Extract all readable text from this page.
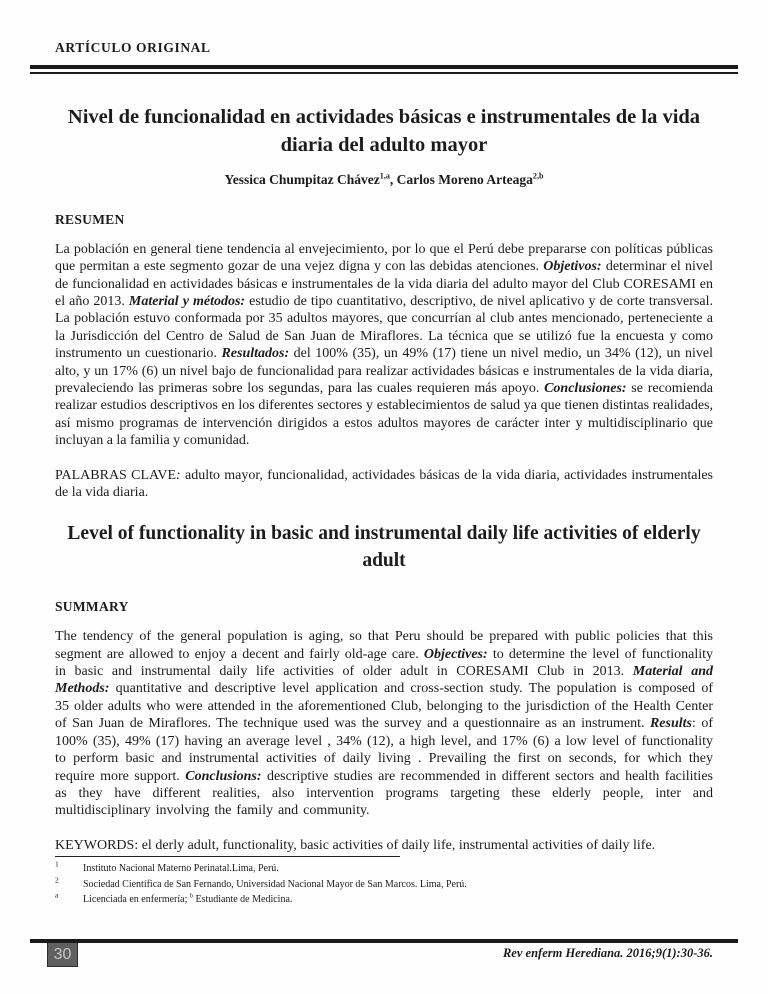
ARTÍCULO ORIGINAL
Nivel de funcionalidad en actividades básicas e instrumentales de la vida diaria del adulto mayor

Yessica Chumpitaz Chávez$^{1,a}$, Carlos Moreno Arteaga$^{2,b}$

RESUMEN

La población en general tiene tendencia al envejecimiento, por lo que el Perú debe prepararse con políticas públicas que permitan a este segmento gozar de una vejez digna y con las debidas atenciones. Objetivos: determinar el nivel de funcionalidad en actividades básicas e instrumentales de la vida diaria del adulto mayor del Club CORESAMI en el año 2013. Material y métodos: estudio de tipo cuantitativo, descriptivo, de nivel aplicativo y de corte transversal. La población estuvo conformada por 35 adultos mayores, que concurrían al club antes mencionado, perteneciente a la Jurisdicción del Centro de Salud de San Juan de Miraflores. La técnica que se utilizó fue la encuesta y como instrumento un cuestionario. Resultados: del 100% (35), un 49% (17) tiene un nivel medio, un 34% (12), un nivel alto, y un 17% (6) un nivel bajo de funcionalidad para realizar actividades básicas e instrumentales de la vida diaria, prevaleciendo las primeras sobre los segundas, para las cuales requieren más apoyo. Conclusiones: se recomienda realizar estudios descriptivos en los diferentes sectores y establecimientos de salud ya que tienen distintas realidades, así mismo programas de intervención dirigidos a estos adultos mayores de carácter inter y multidisciplinario que incluyan a la familia y comunidad.

PALABRAS CLAVE: adulto mayor, funcionalidad, actividades básicas de la vida diaria, actividades instrumentales de la vida diaria.

Level of functionality in basic and instrumental daily life activities of elderly adult
SUMMARY

The tendency of the general population is aging, so that Peru should be prepared with public policies that this segment are allowed to enjoy a decent and fairly old-age care. Objectives: to determine the level of functionality in basic and instrumental daily life activities of older adult in CORESAMI Club in 2013. Material and Methods: quantitative and descriptive level application and cross-section study. The population is composed of 35 older adults who were attended in the aforementioned Club, belonging to the jurisdiction of the Health Center of San Juan de Miraflores. The technique used was the survey and a questionnaire as an instrument. Results: of 100% (35), 49% (17) having an average level , 34% (12), a high level, and 17% (6) a low level of functionality to perform basic and instrumental activities of daily living . Prevailing the first on seconds, for which they require more support. Conclusions: descriptive studies are recommended in different sectors and health facilities as they have different realities, also intervention programs targeting these elderly people, inter and multidisciplinary involving the family and community.

KEYWORDS: el derly adult, functionality, basic activities of daily life, instrumental activities of daily life.

$^1$	Instituto Nacional Materno Perinatal.Lima, Perú.
$^2$	Sociedad Científica de San Fernando, Universidad Nacional Mayor de San Marcos. Lima, Perú.
$^a$	Licenciada en enfermería; $^b$ Estudiante de Medicina.
30	Rev enferm Herediana. 2016;9(1):30-36.
